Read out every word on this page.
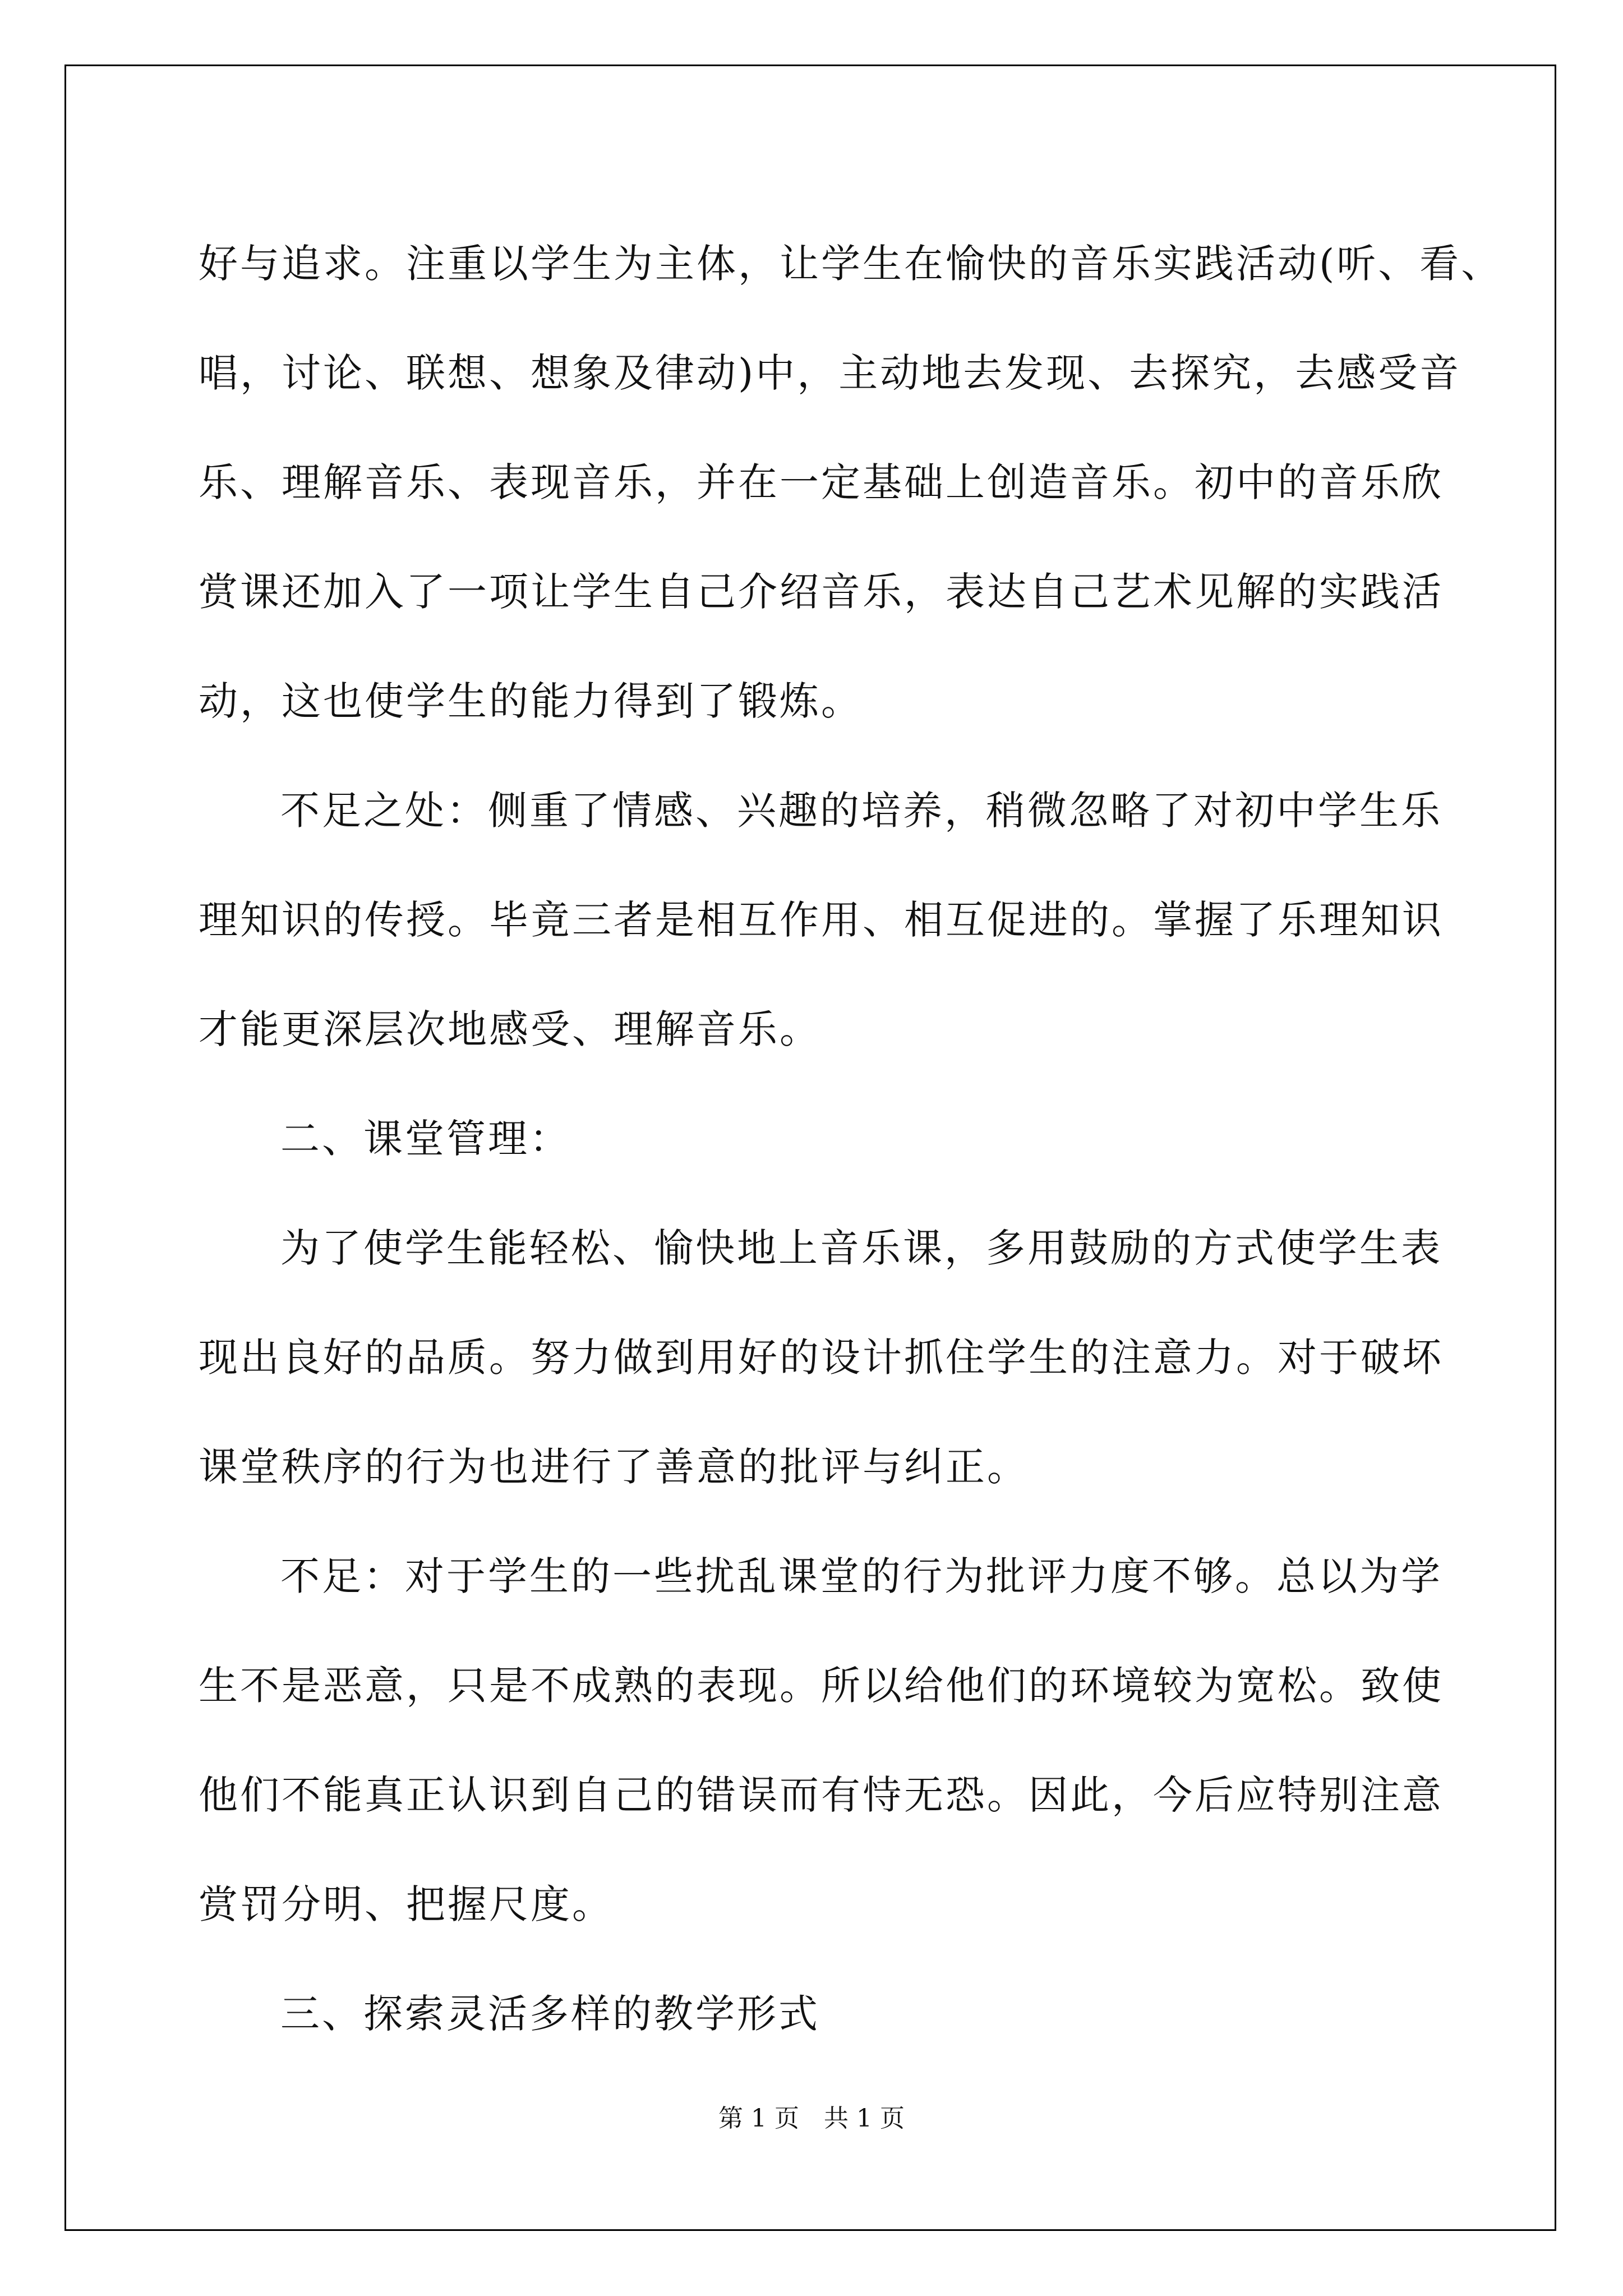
好与追求。注重以学生为主体，让学生在愉快的音乐实践活动(听、看、
唱，讨论、联想、想象及律动)中，主动地去发现、去探究，去感受音
乐、理解音乐、表现音乐，并在一定基础上创造音乐。初中的音乐欣
赏课还加入了一项让学生自己介绍音乐，表达自己艺术见解的实践活
动，这也使学生的能力得到了锻炼。
不足之处：侧重了情感、兴趣的培养，稍微忽略了对初中学生乐
理知识的传授。毕竟三者是相互作用、相互促进的。掌握了乐理知识
才能更深层次地感受、理解音乐。
二、课堂管理：
为了使学生能轻松、愉快地上音乐课，多用鼓励的方式使学生表
现出良好的品质。努力做到用好的设计抓住学生的注意力。对于破坏
课堂秩序的行为也进行了善意的批评与纠正。
不足：对于学生的一些扰乱课堂的行为批评力度不够。总以为学
生不是恶意，只是不成熟的表现。所以给他们的环境较为宽松。致使
他们不能真正认识到自己的错误而有恃无恐。因此，今后应特别注意
赏罚分明、把握尺度。
三、探索灵活多样的教学形式
第 1 页　共 1 页
